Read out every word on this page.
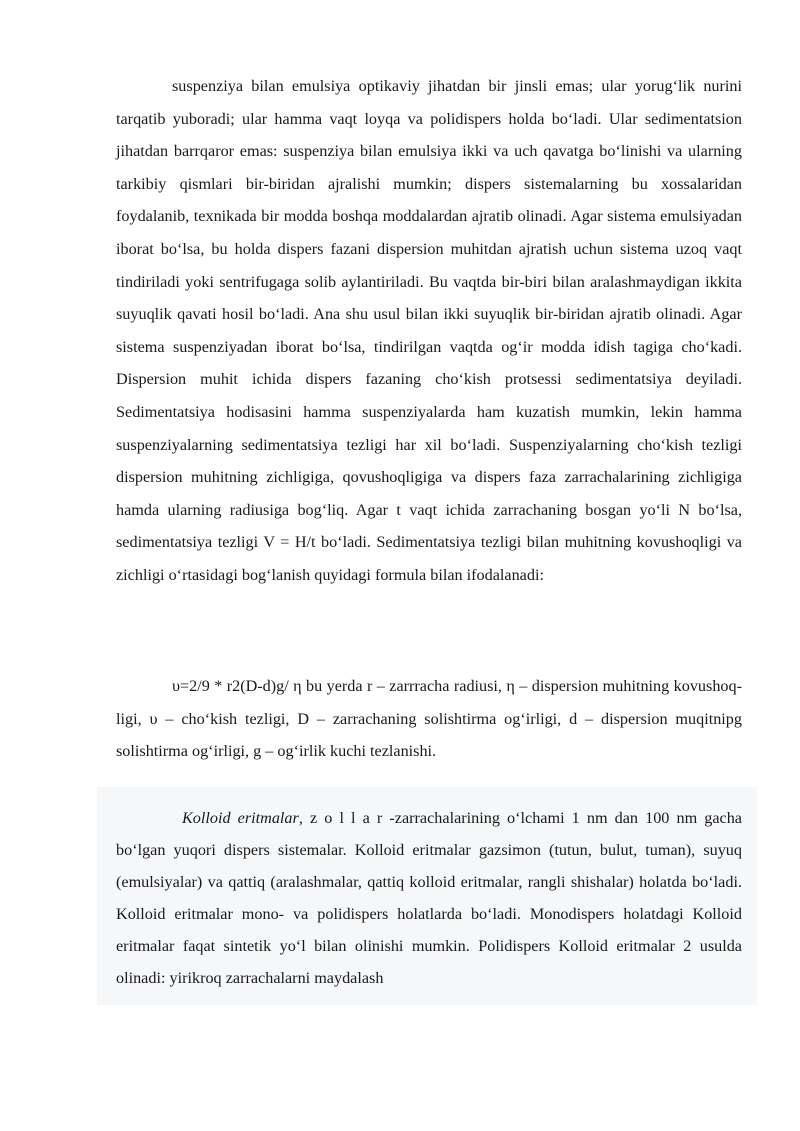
suspenziya bilan emulsiya optikaviy jihatdan bir jinsli emas; ular yorug‘lik nurini tarqatib yuboradi; ular hamma vaqt loyqa va polidispers holda bo‘ladi. Ular sedimentatsion jihatdan barrqaror emas: suspenziya bilan emulsiya ikki va uch qavatga bo‘linishi va ularning tarkibiy qismlari bir-biridan ajralishi mumkin; dispers sistemalarning bu xossalaridan foydalanib, texnikada bir modda boshqa moddalardan ajratib olinadi. Agar sistema emulsiyadan iborat bo‘lsa, bu holda dispers fazani dispersion muhitdan ajratish uchun sistema uzoq vaqt tindiriladi yoki sentrifugaga solib aylantiriladi. Bu vaqtda bir-biri bilan aralashmaydigan ikkita suyuqlik qavati hosil bo‘ladi. Ana shu usul bilan ikki suyuqlik bir-biridan ajratib olinadi. Agar sistema suspenziyadan iborat bo‘lsa, tindirilgan vaqtda og‘ir modda idish tagiga cho‘kadi. Dispersion muhit ichida dispers fazaning cho‘kish protsessi sedimentatsiya deyiladi. Sedimentatsiya hodisasini hamma suspenziyalarda ham kuzatish mumkin, lekin hamma suspenziyalarning sedimentatsiya tezligi har xil bo‘ladi. Suspenziyalarning cho‘kish tezligi dispersion muhitning zichligiga, qovushoqligiga va dispers faza zarrachalarining zichligiga hamda ularning radiusiga bog‘liq. Agar t vaqt ichida zarrachaning bosgan yo‘li N bo‘lsa, sedimentatsiya tezligi V = H/t bo‘ladi. Sedimentatsiya tezligi bilan muhitning kovushoqligi va zichligi o‘rtasidagi bog‘lanish quyidagi formula bilan ifodalanadi:

υ=2/9 * r2(D-d)g/ η bu yerda r – zarrracha radiusi, η – dispersion muhitning kovushoq- ligi, υ – cho‘kish tezligi, D – zarrachaning solishtirma og‘irligi, d – dispersion muqitnipg solishtirma og‘irligi, g – og‘irlik kuchi tezlanishi.

Kolloid eritmalar, z o l l a r -zarrachalarining o‘lchami 1 nm dan 100 nm gacha bo‘lgan yuqori dispers sistemalar. Kolloid eritmalar gazsimon (tutun, bulut, tuman), suyuq (emulsiyalar) va qattiq (aralashmalar, qattiq kolloid eritmalar, rangli shishalar) holatda bo‘ladi. Kolloid eritmalar mono- va polidispers holatlarda bo‘ladi. Monodispers holatdagi Kolloid eritmalar faqat sintetik yo‘l bilan olinishi mumkin. Polidispers Kolloid eritmalar 2 usulda olinadi: yirikroq zarrachalarni maydalash
